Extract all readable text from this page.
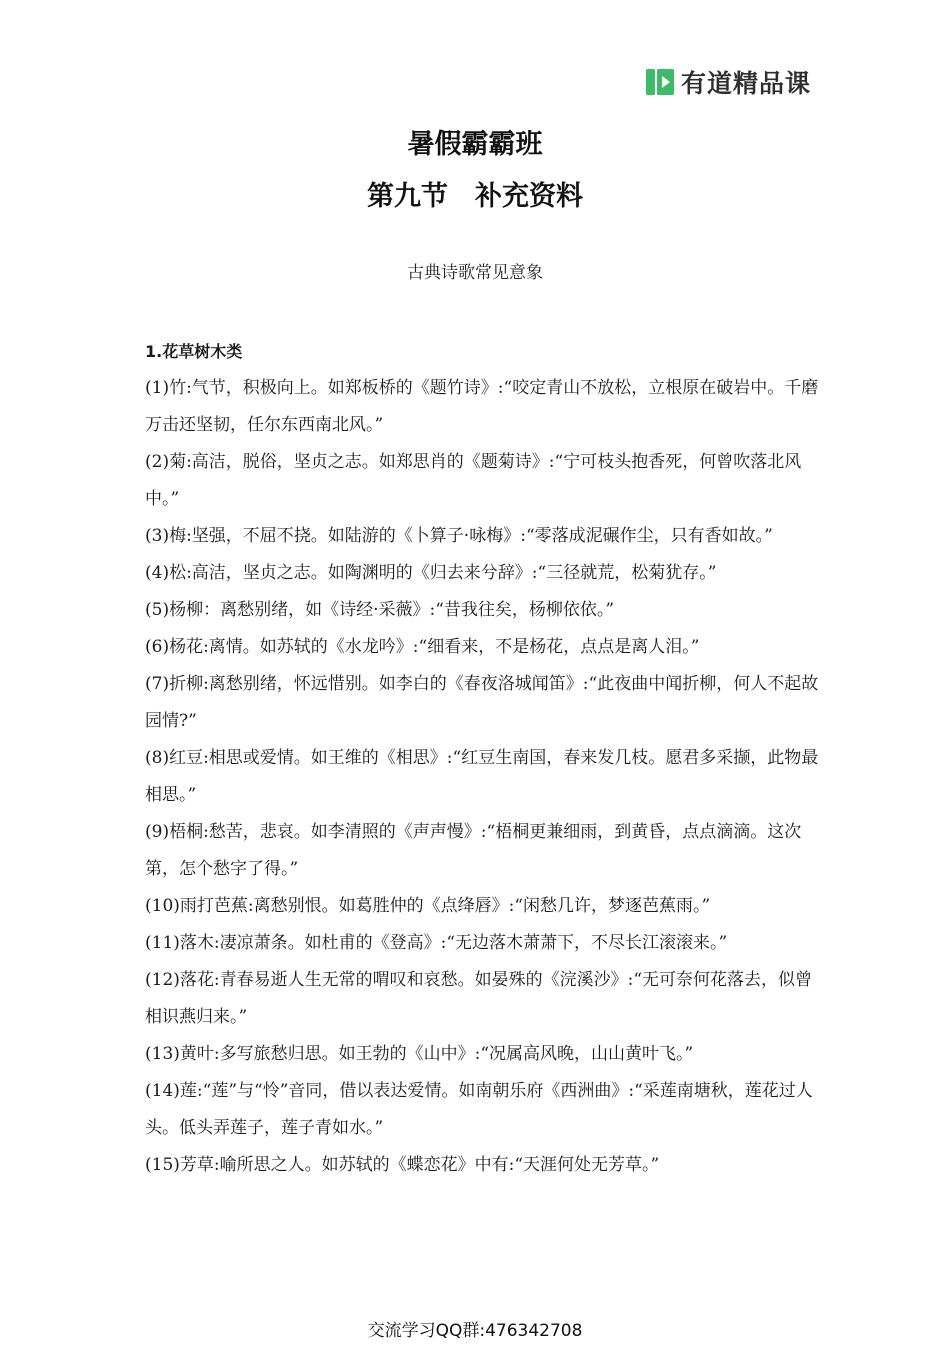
有道精品课
暑假霸霸班
第九节　补充资料
古典诗歌常见意象
1.花草树木类

(1)竹:气节，积极向上。如郑板桥的《题竹诗》:“咬定青山不放松，立根原在破岩中。千磨万击还坚韧，任尔东西南北风。”

(2)菊:高洁，脱俗，坚贞之志。如郑思肖的《题菊诗》:“宁可枝头抱香死，何曾吹落北风中。”

(3)梅:坚强，不屈不挠。如陆游的《卜算子·咏梅》:“零落成泥碾作尘，只有香如故。”

(4)松:高洁，坚贞之志。如陶渊明的《归去来兮辞》:“三径就荒，松菊犹存。”

(5)杨柳：离愁别绪，如《诗经·采薇》:“昔我往矣，杨柳依依。”

(6)杨花:离情。如苏轼的《水龙吟》:“细看来，不是杨花，点点是离人泪。”

(7)折柳:离愁别绪，怀远惜别。如李白的《春夜洛城闻笛》:“此夜曲中闻折柳，何人不起故园情?”

(8)红豆:相思或爱情。如王维的《相思》:“红豆生南国，春来发几枝。愿君多采撷，此物最相思。”

(9)梧桐:愁苦，悲哀。如李清照的《声声慢》:“梧桐更兼细雨，到黄昏，点点滴滴。这次第，怎个愁字了得。”

(10)雨打芭蕉:离愁别恨。如葛胜仲的《点绛唇》:“闲愁几许，梦逐芭蕉雨。”

(11)落木:凄凉萧条。如杜甫的《登高》:“无边落木萧萧下，不尽长江滚滚来。”

(12)落花:青春易逝人生无常的喟叹和哀愁。如晏殊的《浣溪沙》:“无可奈何花落去，似曾相识燕归来。”

(13)黄叶:多写旅愁归思。如王勃的《山中》:“况属高风晚，山山黄叶飞。”

(14)莲:“莲”与“怜”音同，借以表达爱情。如南朝乐府《西洲曲》:“采莲南塘秋，莲花过人头。低头弄莲子，莲子青如水。”

(15)芳草:喻所思之人。如苏轼的《蝶恋花》中有:“天涯何处无芳草。”

交流学习QQ群:476342708
